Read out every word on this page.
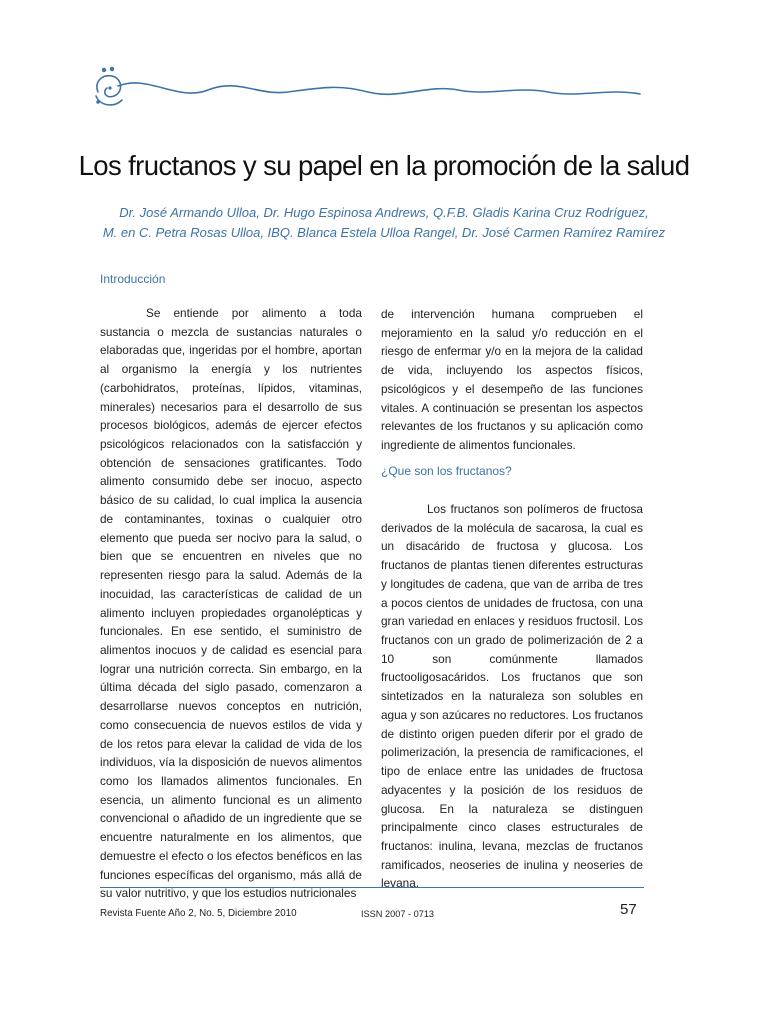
Los fructanos y su papel en la promoción de la salud
Dr. José Armando Ulloa, Dr. Hugo Espinosa Andrews, Q.F.B. Gladis Karina Cruz Rodríguez,
M. en C. Petra Rosas Ulloa, IBQ. Blanca Estela Ulloa Rangel, Dr. José Carmen Ramírez Ramírez
Introducción

Se entiende por alimento a toda sustancia o mezcla de sustancias naturales o elaboradas que, ingeridas por el hombre, aportan al organismo la energía y los nutrientes (carbohidratos, proteínas, lípidos, vitaminas, minerales) necesarios para el desarrollo de sus procesos biológicos, además de ejercer efectos psicológicos relacionados con la satisfacción y obtención de sensaciones gratificantes. Todo alimento consumido debe ser inocuo, aspecto básico de su calidad, lo cual implica la ausencia de contaminantes, toxinas o cualquier otro elemento que pueda ser nocivo para la salud, o bien que se encuentren en niveles que no representen riesgo para la salud. Además de la inocuidad, las características de calidad de un alimento incluyen propiedades organolépticas y funcionales. En ese sentido, el suministro de alimentos inocuos y de calidad es esencial para lograr una nutrición correcta. Sin embargo, en la última década del siglo pasado, comenzaron a desarrollarse nuevos conceptos en nutrición, como consecuencia de nuevos estilos de vida y de los retos para elevar la calidad de vida de los individuos, vía la disposición de nuevos alimentos como los llamados alimentos funcionales. En esencia, un alimento funcional es un alimento convencional o añadido de un ingrediente que se encuentre naturalmente en los alimentos, que demuestre el efecto o los efectos benéficos en las funciones específicas del organismo, más allá de su valor nutritivo, y que los estudios nutricionales

de intervención humana comprueben el mejoramiento en la salud y/o reducción en el riesgo de enfermar y/o en la mejora de la calidad de vida, incluyendo los aspectos físicos, psicológicos y el desempeño de las funciones vitales. A continuación se presentan los aspectos relevantes de los fructanos y su aplicación como ingrediente de alimentos funcionales.

¿Que son los fructanos?

Los fructanos son polímeros de fructosa derivados de la molécula de sacarosa, la cual es un disacárido de fructosa y glucosa. Los fructanos de plantas tienen diferentes estructuras y longitudes de cadena, que van de arriba de tres a pocos cientos de unidades de fructosa, con una gran variedad en enlaces y residuos fructosil. Los fructanos con un grado de polimerización de 2 a 10 son comúnmente llamados fructooligosacáridos. Los fructanos que son sintetizados en la naturaleza son solubles en agua y son azúcares no reductores. Los fructanos de distinto origen pueden diferir por el grado de polimerización, la presencia de ramificaciones, el tipo de enlace entre las unidades de fructosa adyacentes y la posición de los residuos de glucosa. En la naturaleza se distinguen principalmente cinco clases estructurales de fructanos: inulina, levana, mezclas de fructanos ramificados, neoseries de inulina y neoseries de levana.

Revista Fuente Año 2, No. 5, Diciembre 2010	ISSN 2007 - 0713	57
